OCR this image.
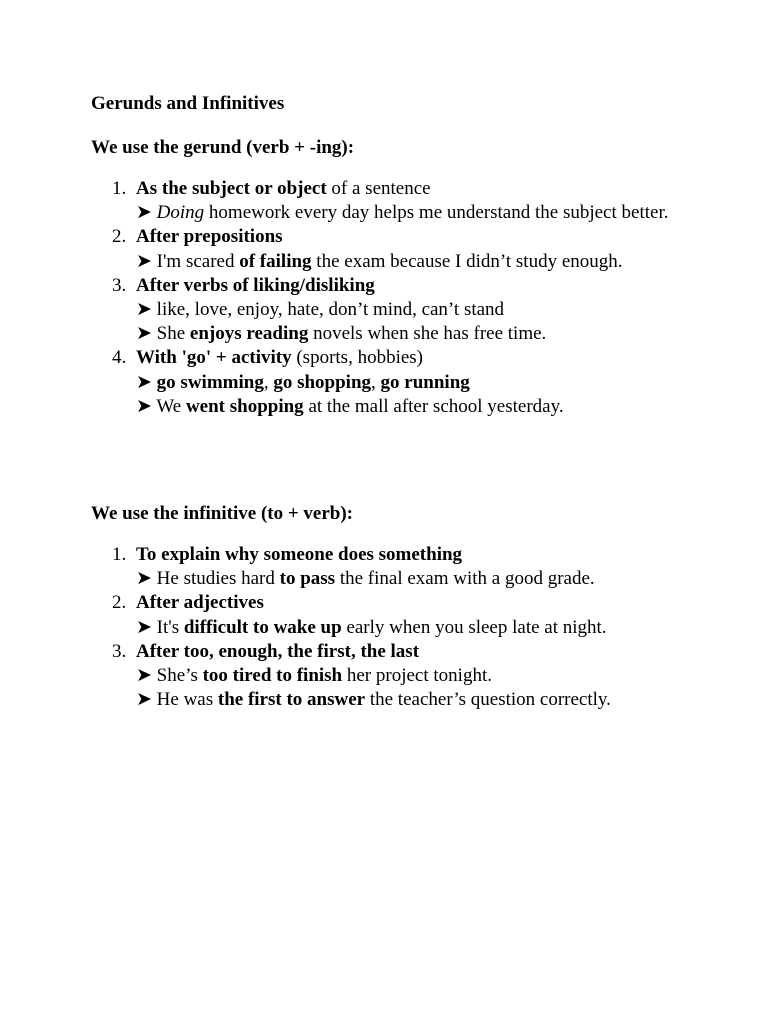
Gerunds and Infinitives

We use the gerund (verb + -ing):

1. As the subject or object of a sentence
➤ Doing homework every day helps me understand the subject better.
2. After prepositions
➤ I'm scared of failing the exam because I didn’t study enough.
3. After verbs of liking/disliking
➤ like, love, enjoy, hate, don’t mind, can’t stand
➤ She enjoys reading novels when she has free time.
4. With 'go' + activity (sports, hobbies)
➤ go swimming, go shopping, go running
➤ We went shopping at the mall after school yesterday.

We use the infinitive (to + verb):

1. To explain why someone does something
➤ He studies hard to pass the final exam with a good grade.
2. After adjectives
➤ It's difficult to wake up early when you sleep late at night.
3. After too, enough, the first, the last
➤ She’s too tired to finish her project tonight.
➤ He was the first to answer the teacher’s question correctly.
